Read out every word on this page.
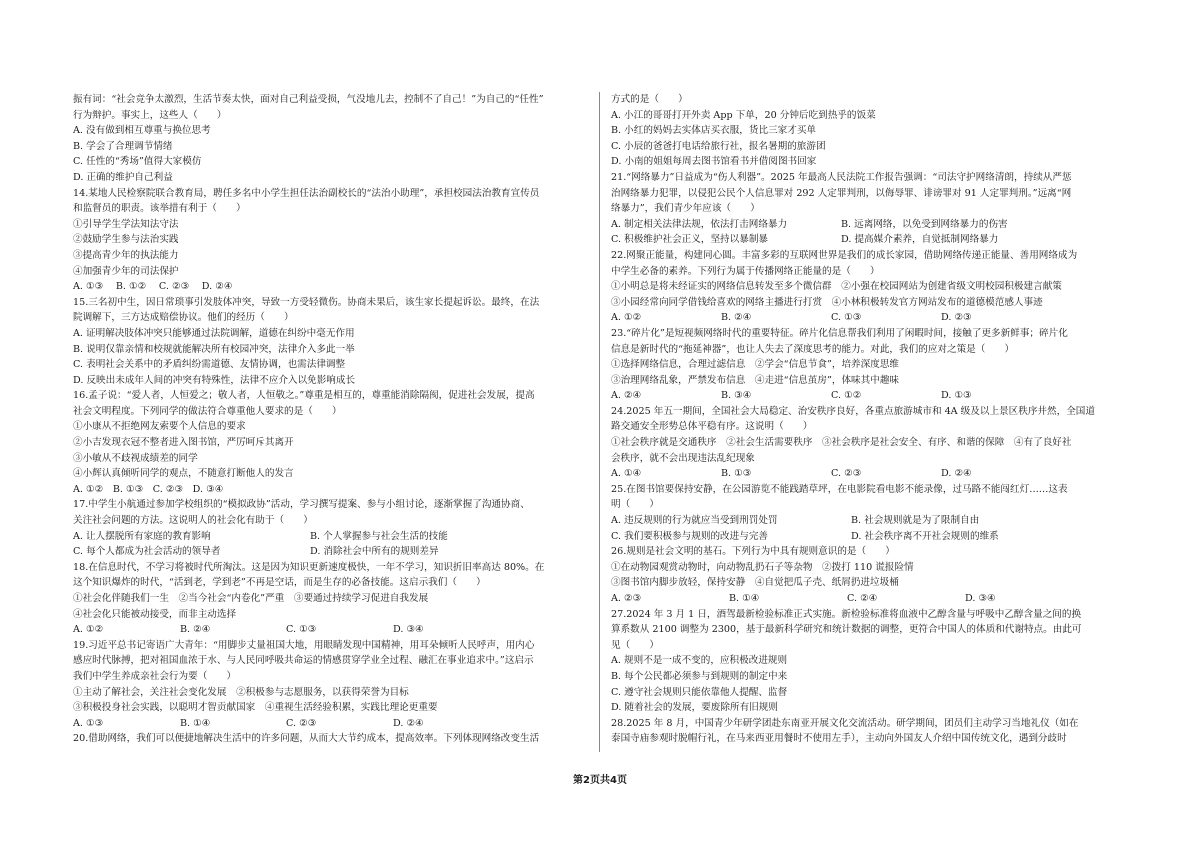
振有词：“社会竞争太激烈，生活节奏太快，面对自己利益受损，气没地儿去，控制不了自己！”为自己的“任性”
行为辩护。事实上，这些人（　　）
A. 没有做到相互尊重与换位思考
B. 学会了合理调节情绪
C. 任性的“秀场”值得大家模仿
D. 正确的维护自己利益
14.某地人民检察院联合教育局，聘任多名中小学生担任法治副校长的“法治小助理”，承担校园法治教育宣传员
和监督员的职责。该举措有利于（　　）
①引导学生学法知法守法
②鼓励学生参与法治实践
③提高青少年的执法能力
④加强青少年的司法保护
A. ①③　 B. ①②　 C. ②③　 D. ②④
15.三名初中生，因日常琐事引发肢体冲突，导致一方受轻微伤。协商未果后，该生家长提起诉讼。最终，在法
院调解下，三方达成赔偿协议。他们的经历（　　）
A. 证明解决肢体冲突只能够通过法院调解，道德在纠纷中毫无作用
B. 说明仅靠亲情和校规就能解决所有校园冲突，法律介入多此一举
C. 表明社会关系中的矛盾纠纷需道德、友情协调，也需法律调整
D. 反映出未成年人间的冲突有特殊性，法律不应介入以免影响成长
16.孟子说：“爱人者，人恒爱之；敬人者，人恒敬之。”尊重是相互的，尊重能消除隔阂，促进社会发展，提高
社会文明程度。下列同学的做法符合尊重他人要求的是（　　）
①小康从不拒绝网友索要个人信息的要求
②小吉发现衣冠不整者进入图书馆，严厉呵斥其离开
③小敏从不歧视成绩差的同学
④小辉认真倾听同学的观点，不随意打断他人的发言
A. ①②　B. ①③　C. ②③　D. ③④
17.中学生小航通过参加学校组织的“模拟政协”活动，学习撰写提案、参与小组讨论，逐渐掌握了沟通协商、
关注社会问题的方法。这说明人的社会化有助于（　　）
A. 让人摆脱所有家庭的教育影响	B. 个人掌握参与社会生活的技能
C. 每个人都成为社会活动的领导者	D. 消除社会中所有的规则差异
18.在信息时代，不学习将被时代所淘汰。这是因为知识更新速度极快，一年不学习，知识折旧率高达 80%。在
这个知识爆炸的时代，“活到老，学到老”不再是空话，而是生存的必备技能。这启示我们（　　）
①社会化伴随我们一生　②当今社会“内卷化”严重　③要通过持续学习促进自我发展
④社会化只能被动接受，而非主动选择
A. ①②	B. ②④	C. ①③	D. ③④
19.习近平总书记寄语广大青年：“用脚步丈量祖国大地，用眼睛发现中国精神，用耳朵倾听人民呼声，用内心
感应时代脉搏，把对祖国血浓于水、与人民同呼吸共命运的情感贯穿学业全过程、融汇在事业追求中。”这启示
我们中学生养成亲社会行为要（　　）
①主动了解社会，关注社会变化发展　②积极参与志愿服务，以获得荣誉为目标
③积极投身社会实践，以聪明才智贡献国家　④重视生活经验积累，实践比理论更重要
A. ①③	B. ①④	C. ②③	D. ②④
20.借助网络，我们可以便捷地解决生活中的许多问题，从而大大节约成本，提高效率。下列体现网络改变生活
方式的是（　　）
A. 小江的哥哥打开外卖 App 下单，20 分钟后吃到热乎的饭菜
B. 小红的妈妈去实体店买衣服，货比三家才买单
C. 小辰的爸爸打电话给旅行社，报名暑期的旅游团
D. 小南的姐姐每周去图书馆看书并借阅图书回家
21.“网络暴力”日益成为“伤人利器”。2025 年最高人民法院工作报告强调：“司法守护网络清朗，持续从严惩
治网络暴力犯罪，以侵犯公民个人信息罪对 292 人定罪判刑，以侮辱罪、诽谤罪对 91 人定罪判刑。”远离“网
络暴力”，我们青少年应该（　　）
A. 制定相关法律法规，依法打击网络暴力	B. 远离网络，以免受到网络暴力的伤害
C. 积极维护社会正义，坚持以暴制暴	D. 提高媒介素养，自觉抵制网络暴力
22.网聚正能量，构建同心圆。丰富多彩的互联网世界是我们的成长家园，借助网络传递正能量、善用网络成为
中学生必备的素养。下列行为属于传播网络正能量的是（　　）
①小明总是将未经证实的网络信息转发至多个微信群　②小强在校园网站为创建省级文明校园积极建言献策
③小园经常向同学借钱给喜欢的网络主播进行打赏　④小林积极转发官方网站发布的道德模范感人事迹
A. ①②	B. ②④	C. ①③	D. ②③
23.“碎片化”是短视频网络时代的重要特征。碎片化信息帮我们利用了闲暇时间，接触了更多新鲜事；碎片化
信息是新时代的“拖延神器”，也让人失去了深度思考的能力。对此，我们的应对之策是（　　）
①选择网络信息，合理过滤信息　②学会“信息节食”，培养深度思维
③治理网络乱象，严禁发布信息　④走进“信息茧房”，体味其中趣味
A. ②④	B. ③④	C. ①②	D. ①③
24.2025 年五一期间，全国社会大局稳定、治安秩序良好，各重点旅游城市和 4A 级及以上景区秩序井然，全国道
路交通安全形势总体平稳有序。这说明（　　）
①社会秩序就是交通秩序　②社会生活需要秩序　③社会秩序是社会安全、有序、和谐的保障　④有了良好社
会秩序，就不会出现违法乱纪现象
A. ①④	B. ①③	C. ②③	D. ②④
25.在图书馆要保持安静，在公园游览不能践踏草坪，在电影院看电影不能录像，过马路不能闯红灯……这表
明（　　）
A. 违反规则的行为就应当受到刑罚处罚	B. 社会规则就是为了限制自由
C. 我们要积极参与规则的改进与完善	D. 社会秩序离不开社会规则的维系
26.规则是社会文明的基石。下列行为中具有规则意识的是（　　）
①在动物园观赏动物时，向动物乱扔石子等杂物　②拨打 110 谎报险情
③图书馆内脚步放轻，保持安静　④自觉把瓜子壳、纸屑扔进垃圾桶
A. ②③	B. ①④	C. ②④	D. ③④
27.2024 年 3 月 1 日，酒驾最新检验标准正式实施。新检验标准将血液中乙醇含量与呼吸中乙醇含量之间的换
算系数从 2100 调整为 2300，基于最新科学研究和统计数据的调整，更符合中国人的体质和代谢特点。由此可
见（　　）
A. 规则不是一成不变的，应积极改进规则
B. 每个公民都必须参与到规则的制定中来
C. 遵守社会规则只能依靠他人提醒、监督
D. 随着社会的发展，要废除所有旧规则
28.2025 年 8 月，中国青少年研学团赴东南亚开展文化交流活动。研学期间，团员们主动学习当地礼仪（如在
泰国寺庙参观时脱帽行礼，在马来西亚用餐时不使用左手），主动向外国友人介绍中国传统文化，遇到分歧时
第2页共4页
